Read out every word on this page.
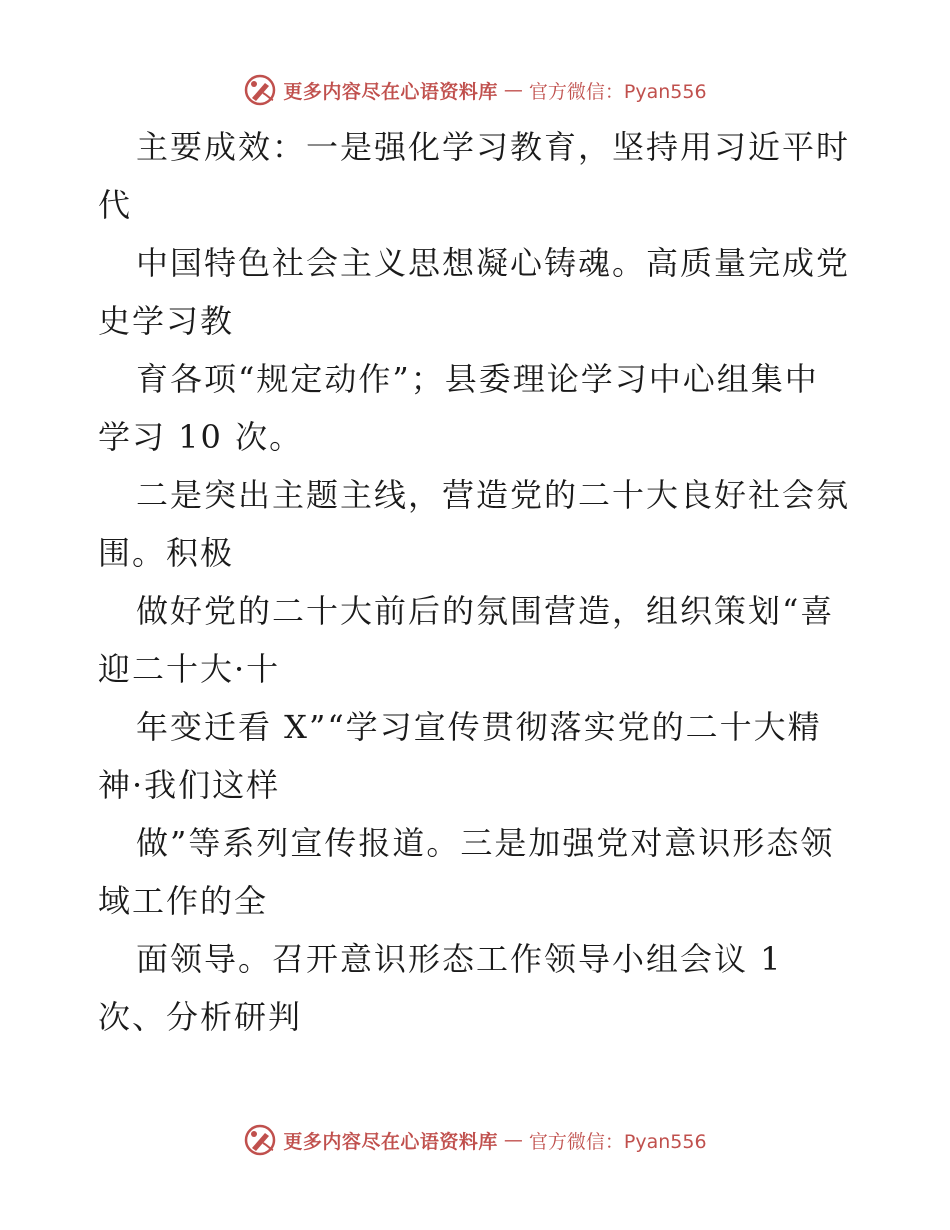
更多内容尽在心语资料库 — 官方微信：Pyan556
主要成效：一是强化学习教育，坚持用习近平时
代
中国特色社会主义思想凝心铸魂。高质量完成党
史学习教
育各项“规定动作”；县委理论学习中心组集中
学习 10 次。
二是突出主题主线，营造党的二十大良好社会氛
围。积极
做好党的二十大前后的氛围营造，组织策划“喜
迎二十大·十
年变迁看 X”“学习宣传贯彻落实党的二十大精
神·我们这样
做”等系列宣传报道。三是加强党对意识形态领
域工作的全
面领导。召开意识形态工作领导小组会议 1
次、分析研判
更多内容尽在心语资料库 — 官方微信：Pyan556
